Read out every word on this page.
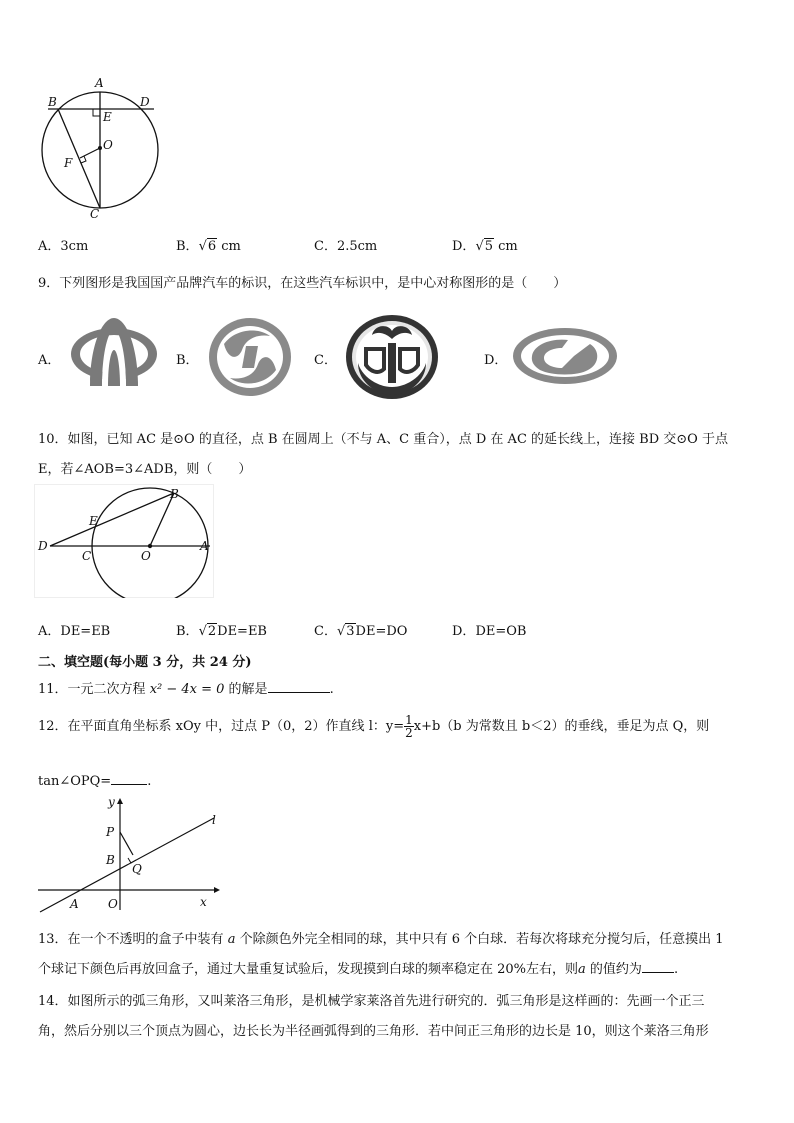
A
B	D
E
O
F
C
A．3cm	B．√6 cm	C．2.5cm	D．√5 cm
9．下列图形是我国国产品牌汽车的标识，在这些汽车标识中，是中心对称图形的是（　　）
A．	B．	C．	D．
10．如图，已知 AC 是⊙O 的直径，点 B 在圆周上（不与 A、C 重合），点 D 在 AC 的延长线上，连接 BD 交⊙O 于点
E，若∠AOB=3∠ADB，则（　　）
B
E
D
C	O
A
A．DE=EB	B．√2DE=EB	C．√3DE=DO	D．DE=OB
二、填空题(每小题 3 分，共 24 分)
11．一元二次方程 x² − 4x = 0 的解是	.
12．在平面直角坐标系 xOy 中，过点 P（0，2）作直线 l：$y= \frac{1}{2} x+b(b$ 为常数且 b＜2）的垂线，垂足为点 Q，则
tan∠OPQ=	.
y
l
P
B
Q
A O	x
13．在一个不透明的盒子中装有 a 个除颜色外完全相同的球，其中只有 6 个白球．若每次将球充分搅匀后，任意摸出 1
个球记下颜色后再放回盒子，通过大量重复试验后，发现摸到白球的频率稳定在 20%左右，则a 的值约为 .
14．如图所示的弧三角形，又叫莱洛三角形，是机械学家莱洛首先进行研究的．弧三角形是这样画的：先画一个正三
角，然后分别以三个顶点为圆心，边长长为半径画弧得到的三角形．若中间正三角形的边长是 10，则这个莱洛三角形
